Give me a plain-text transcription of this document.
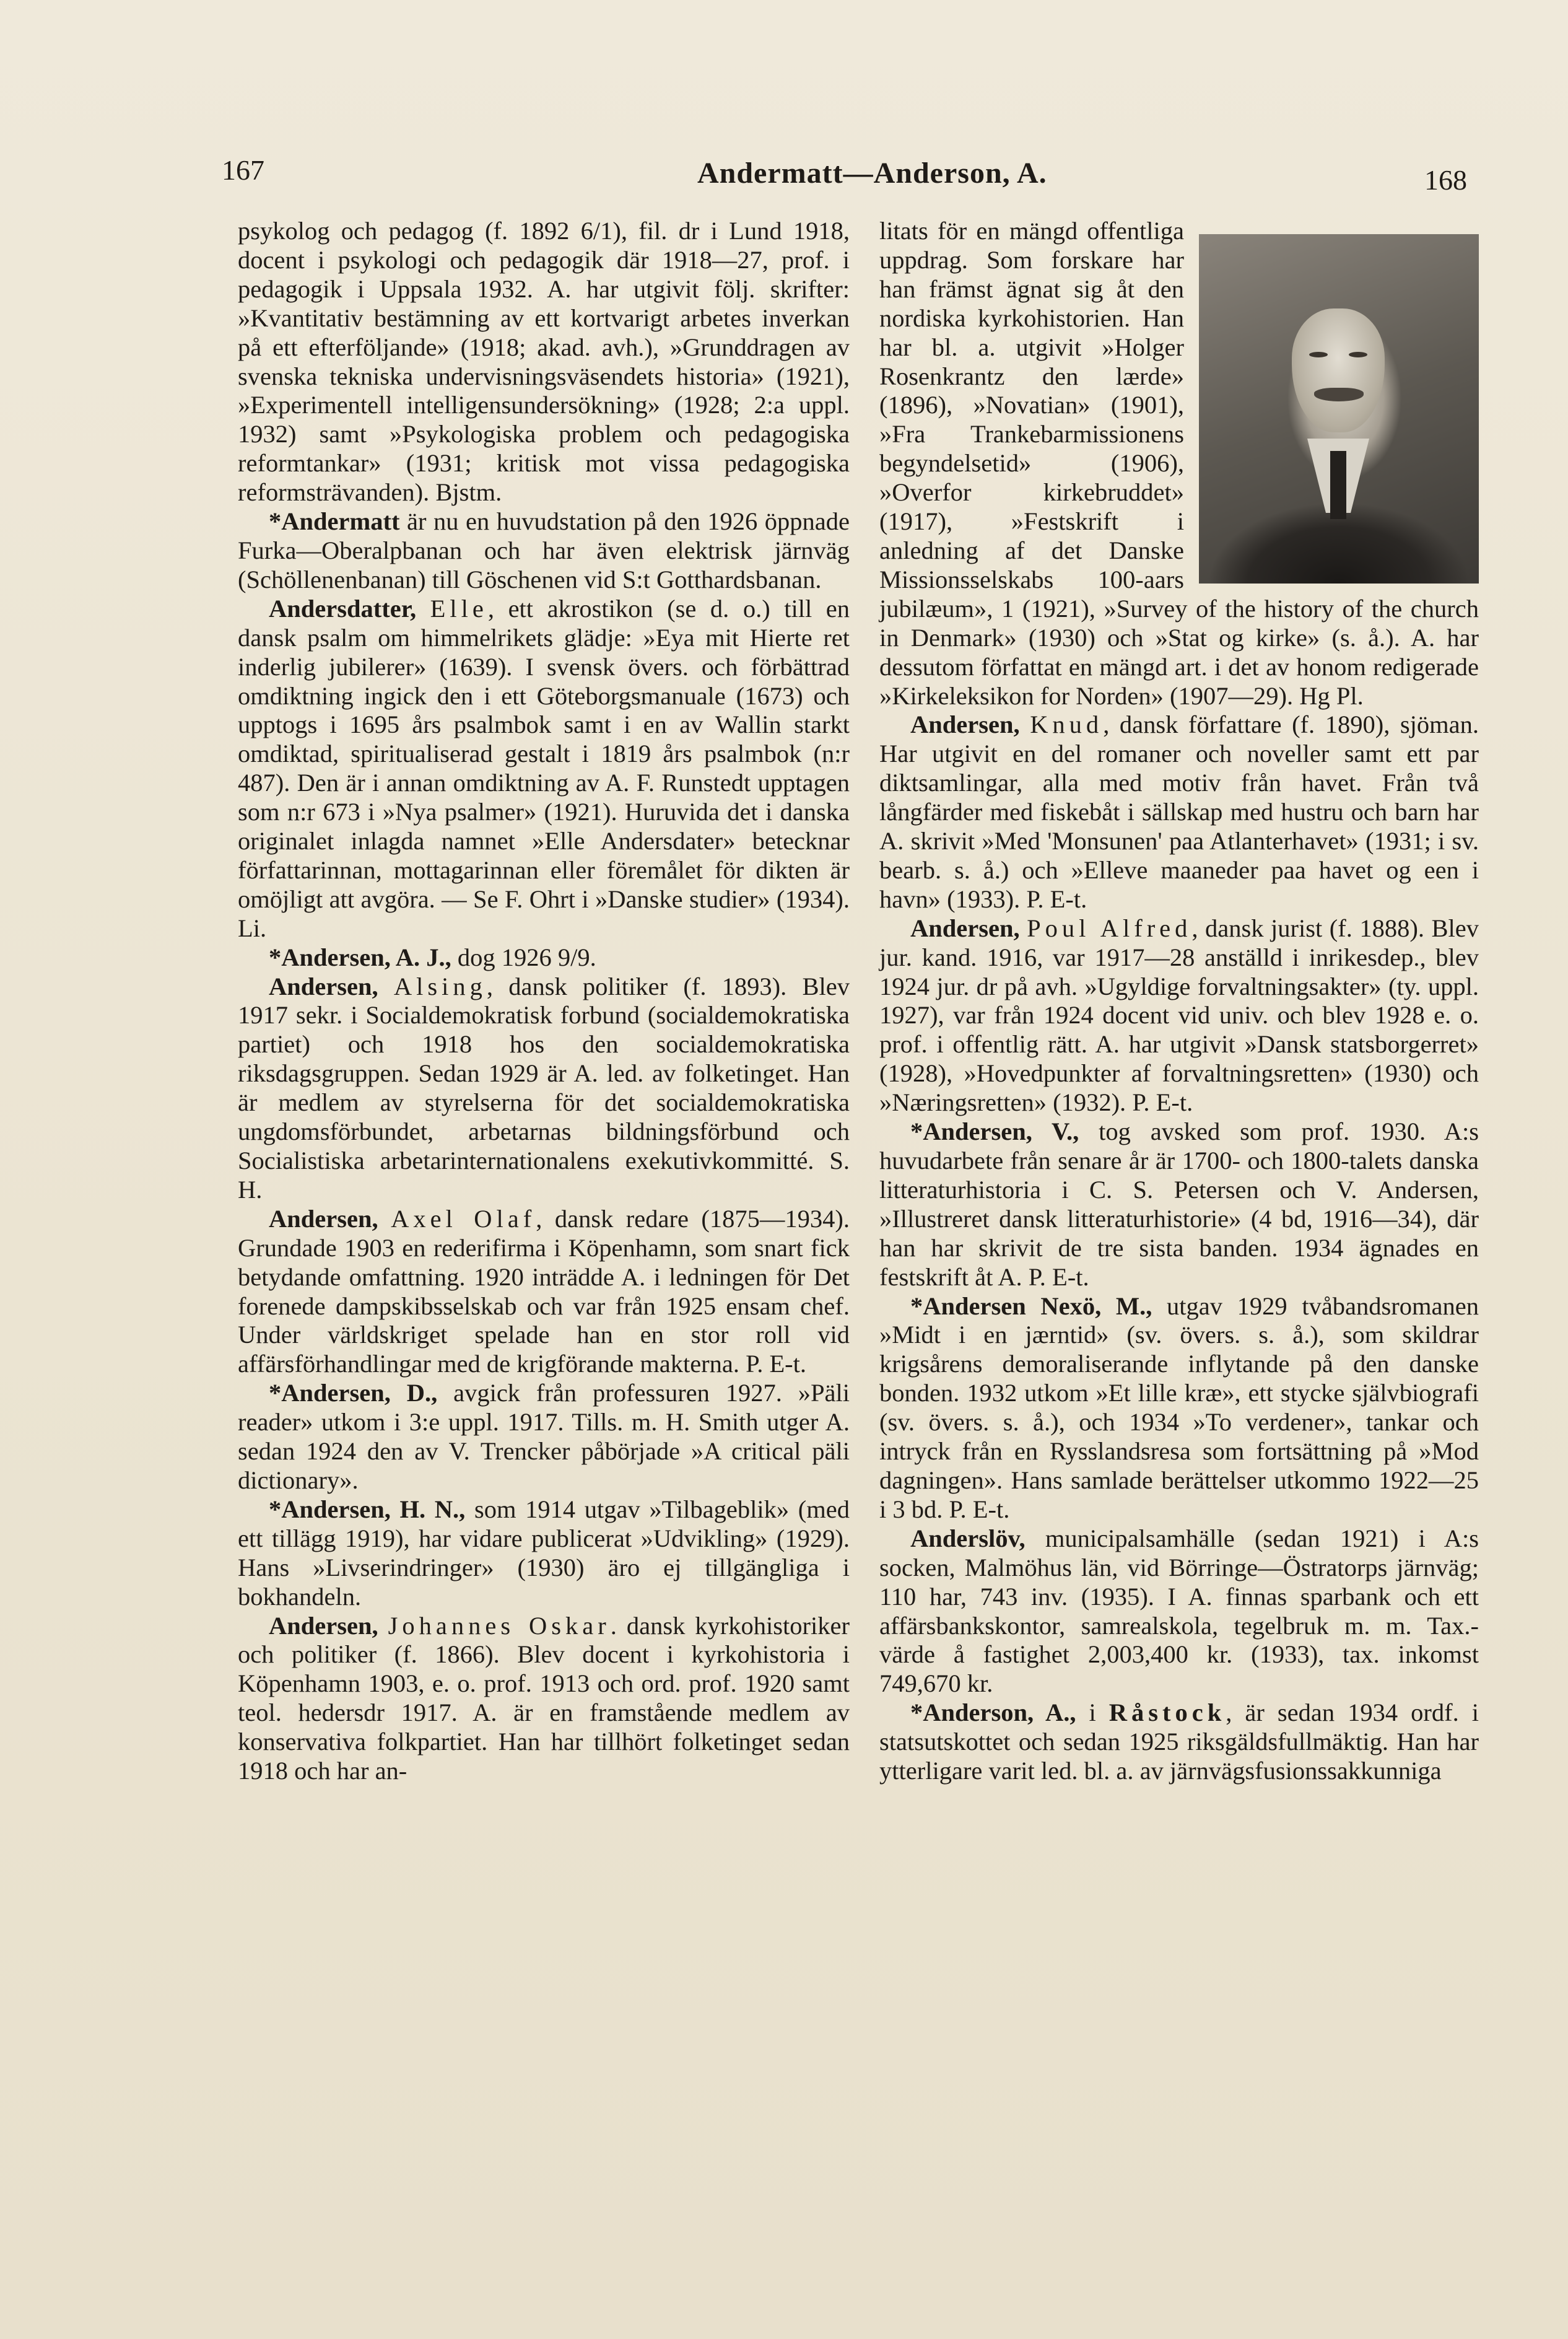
167	Andermatt—Anderson, A.	168

psykolog och pedagog (f. 1892 6/1), fil. dr i Lund 1918, docent i psykologi och pedagogik där 1918—27, prof. i pedagogik i Uppsala 1932. A. har utgivit följ. skrifter: »Kvantitativ bestämning av ett kortvarigt arbetes inverkan på ett efterföljande» (1918; akad. avh.), »Grunddragen av svenska tekniska undervisningsväsendets historia» (1921), »Experimentell intelligensundersökning» (1928; 2:a uppl. 1932) samt »Psykologiska problem och pedagogiska reformtankar» (1931; kritisk mot vissa pedagogiska reformsträvanden). Bjstm.

*Andermatt är nu en huvudstation på den 1926 öppnade Furka—Oberalpbanan och har även elektrisk järnväg (Schöllenenbanan) till Göschenen vid S:t Gotthardsbanan.

Andersdatter, Elle, ett akrostikon (se d. o.) till en dansk psalm om himmelrikets glädje: »Eya mit Hierte ret inderlig jubilerer» (1639). I svensk övers. och förbättrad omdiktning ingick den i ett Göteborgsmanuale (1673) och upptogs i 1695 års psalmbok samt i en av Wallin starkt omdiktad, spiritualiserad gestalt i 1819 års psalmbok (n:r 487). Den är i annan omdiktning av A. F. Runstedt upptagen som n:r 673 i »Nya psalmer» (1921). Huruvida det i danska originalet inlagda namnet »Elle Andersdater» betecknar författarinnan, mottagarinnan eller föremålet för dikten är omöjligt att avgöra. — Se F. Ohrt i »Danske studier» (1934). Li.

*Andersen, A. J., dog 1926 9/9.

Andersen, Alsing, dansk politiker (f. 1893). Blev 1917 sekr. i Socialdemokratisk forbund (socialdemokratiska partiet) och 1918 hos den socialdemokratiska riksdagsgruppen. Sedan 1929 är A. led. av folketinget. Han är medlem av styrelserna för det socialdemokratiska ungdomsförbundet, arbetarnas bildningsförbund och Socialistiska arbetarinternationalens exekutivkommitté. S. H.

Andersen, Axel Olaf, dansk redare (1875—1934). Grundade 1903 en rederifirma i Köpenhamn, som snart fick betydande omfattning. 1920 inträdde A. i ledningen för Det forenede dampskibsselskab och var från 1925 ensam chef. Under världskriget spelade han en stor roll vid affärsförhandlingar med de krigförande makterna. P. E-t.

*Andersen, D., avgick från professuren 1927. »Päli reader» utkom i 3:e uppl. 1917. Tills. m. H. Smith utger A. sedan 1924 den av V. Trencker påbörjade »A critical päli dictionary».

*Andersen, H. N., som 1914 utgav »Tilbageblik» (med ett tillägg 1919), har vidare publicerat »Udvikling» (1929). Hans »Livserindringer» (1930) äro ej tillgängliga i bokhandeln.

Andersen, Johannes Oskar. dansk kyrkohistoriker och politiker (f. 1866). Blev docent i kyrkohistoria i Köpenhamn 1903, e. o. prof. 1913 och ord. prof. 1920 samt teol. hedersdr 1917. A. är en framstående medlem av konservativa folkpartiet. Han har tillhört folketinget sedan 1918 och har an-

litats för en mängd offentliga uppdrag. Som forskare har han främst ägnat sig åt den nordiska kyrkohistorien. Han har bl. a. utgivit »Holger Rosenkrantz den lærde» (1896), »Novatian» (1901), »Fra Trankebarmissionens begyndelsetid» (1906), »Overfor kirkebruddet» (1917), »Festskrift i anledning af det Danske Missionsselskabs 100-aars jubilæum», 1 (1921), »Survey of the history of the church in Denmark» (1930) och »Stat og kirke» (s. å.). A. har dessutom författat en mängd art. i det av honom redigerade »Kirkeleksikon for Norden» (1907—29). Hg Pl.

Andersen, Knud, dansk författare (f. 1890), sjöman. Har utgivit en del romaner och noveller samt ett par diktsamlingar, alla med motiv från havet. Från två långfärder med fiskebåt i sällskap med hustru och barn har A. skrivit »Med 'Monsunen' paa Atlanterhavet» (1931; i sv. bearb. s. å.) och »Elleve maaneder paa havet og een i havn» (1933). P. E-t.

Andersen, Poul Alfred, dansk jurist (f. 1888). Blev jur. kand. 1916, var 1917—28 anställd i inrikesdep., blev 1924 jur. dr på avh. »Ugyldige forvaltningsakter» (ty. uppl. 1927), var från 1924 docent vid univ. och blev 1928 e. o. prof. i offentlig rätt. A. har utgivit »Dansk statsborgerret» (1928), »Hovedpunkter af forvaltningsretten» (1930) och »Næringsretten» (1932). P. E-t.

*Andersen, V., tog avsked som prof. 1930. A:s huvudarbete från senare år är 1700- och 1800-talets danska litteraturhistoria i C. S. Petersen och V. Andersen, »Illustreret dansk litteraturhistorie» (4 bd, 1916—34), där han har skrivit de tre sista banden. 1934 ägnades en festskrift åt A. P. E-t.

*Andersen Nexö, M., utgav 1929 tvåbandsromanen »Midt i en jærntid» (sv. övers. s. å.), som skildrar krigsårens demoraliserande inflytande på den danske bonden. 1932 utkom »Et lille kræ», ett stycke självbiografi (sv. övers. s. å.), och 1934 »To verdener», tankar och intryck från en Rysslandsresa som fortsättning på »Mod dagningen». Hans samlade berättelser utkommo 1922—25 i 3 bd. P. E-t.

Anderslöv, municipalsamhälle (sedan 1921) i A:s socken, Malmöhus län, vid Börringe—Östratorps järnväg; 110 har, 743 inv. (1935). I A. finnas sparbank och ett affärsbankskontor, samrealskola, tegelbruk m. m. Tax.-värde å fastighet 2,003,400 kr. (1933), tax. inkomst 749,670 kr.

*Anderson, A., i Råstock, är sedan 1934 ordf. i statsutskottet och sedan 1925 riksgäldsfullmäktig. Han har ytterligare varit led. bl. a. av järnvägsfusionssakkunniga
